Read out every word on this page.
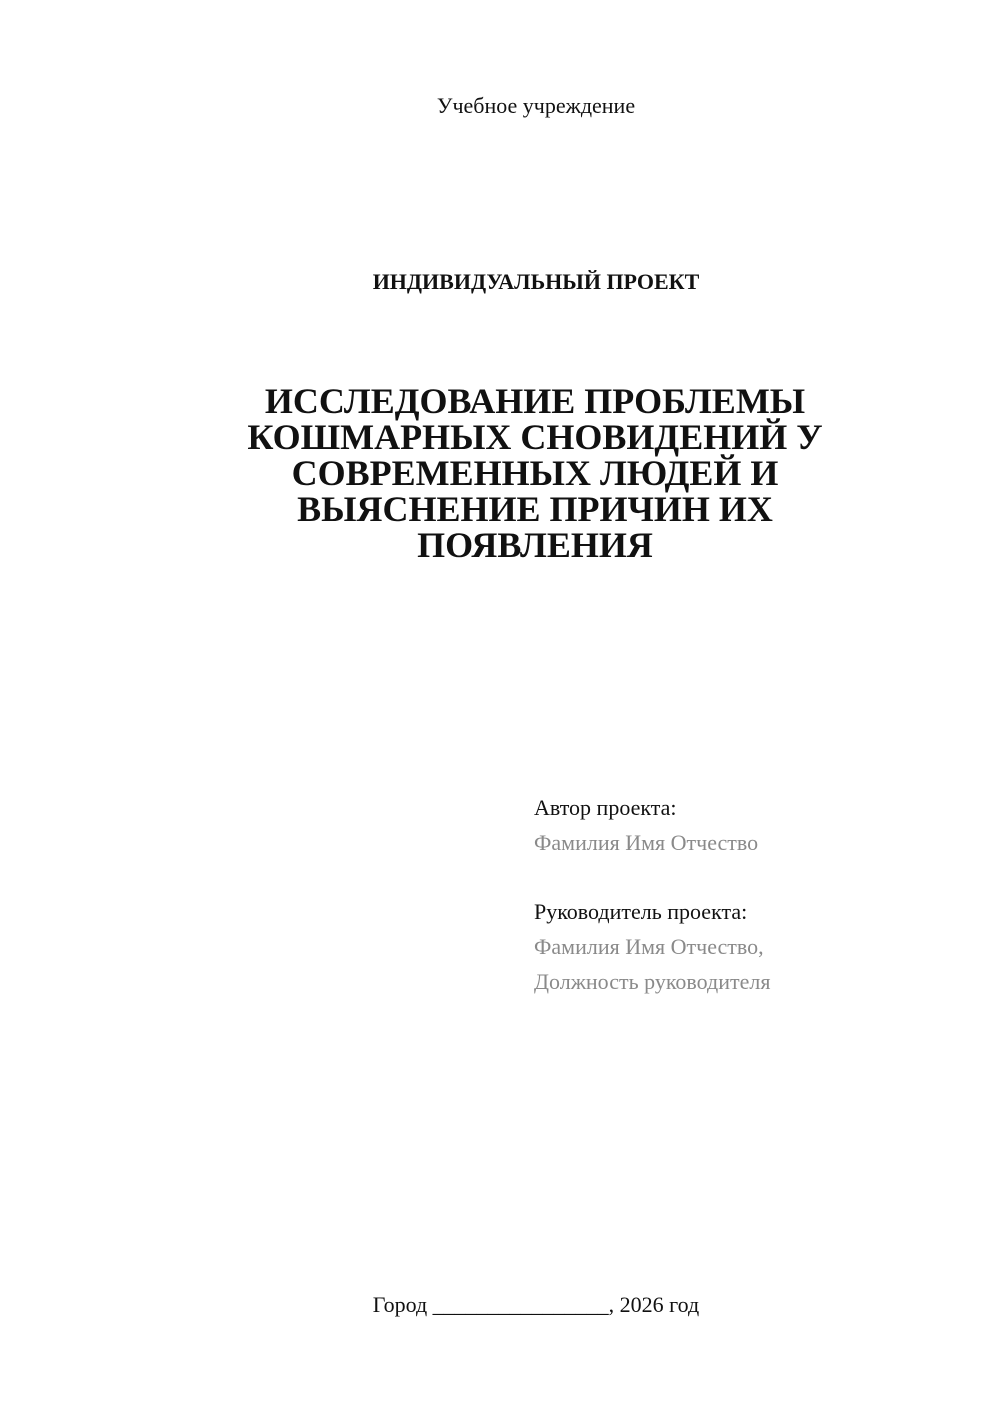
Учебное учреждение
ИНДИВИДУАЛЬНЫЙ ПРОЕКТ
ИССЛЕДОВАНИЕ ПРОБЛЕМЫ
КОШМАРНЫХ СНОВИДЕНИЙ У
СОВРЕМЕННЫХ ЛЮДЕЙ И
ВЫЯСНЕНИЕ ПРИЧИН ИХ
ПОЯВЛЕНИЯ
Автор проекта:
Фамилия Имя Отчество
Руководитель проекта:
Фамилия Имя Отчество,
Должность руководителя
Город ________________, 2026 год
